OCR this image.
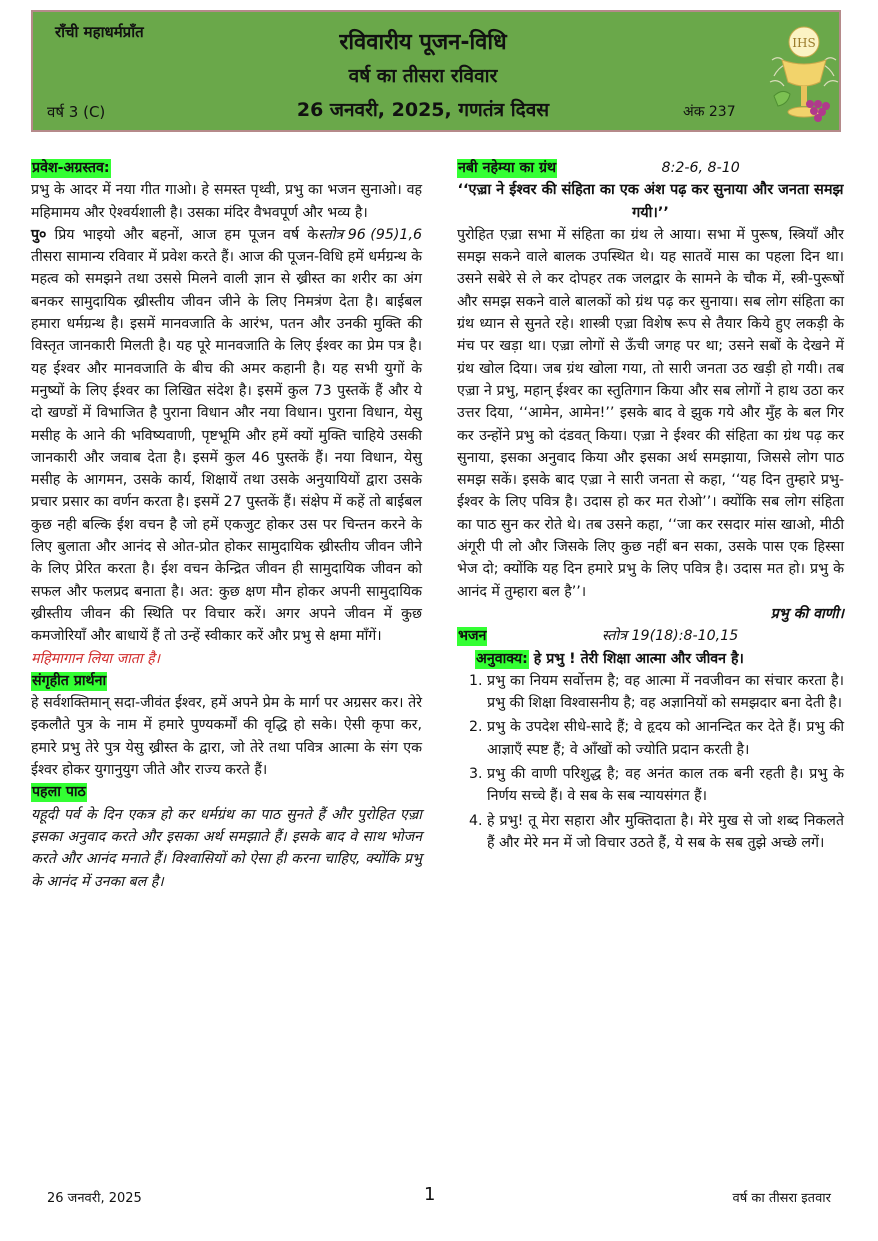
राँची महाधर्मप्राँत	रविवारीय पूजन-विधि
वर्ष का तीसरा रविवार
26 जनवरी, 2025, गणतंत्र दिवस
वर्ष 3 (C)	अंक 237
IHS
प्रवेश-अग्रस्तव:

प्रभु के आदर में नया गीत गाओ। हे समस्त पृथ्वी, प्रभु का भजन सुनाओ। वह महिमामय और ऐश्वर्यशाली है। उसका मंदिर वैभवपूर्ण और भव्य है।
स्तोत्र 96 (95)1,6

पु० प्रिय भाइयो और बहनों, आज हम पूजन वर्ष के तीसरा सामान्य रविवार में प्रवेश करते हैं। आज की पूजन-विधि हमें धर्मग्रन्थ के महत्व को समझने तथा उससे मिलने वाली ज्ञान से ख्रीस्त का शरीर का अंग बनकर सामुदायिक ख्रीस्तीय जीवन जीने के लिए निमत्रंण देता है। बाईबल हमारा धर्मग्रन्थ है। इसमें मानवजाति के आरंभ, पतन और उनकी मुक्ति की विस्तृत जानकारी मिलती है। यह पूरे मानवजाति के लिए ईश्वर का प्रेम पत्र है। यह ईश्वर और मानवजाति के बीच की अमर कहानी है। यह सभी युगों के मनुष्यों के लिए ईश्वर का लिखित संदेश है। इसमें कुल 73 पुस्तकें हैं और ये दो खण्डों में विभाजित है पुराना विधान और नया विधान। पुराना विधान, येसु मसीह के आने की भविष्यवाणी, पृष्टभूमि और हमें क्यों मुक्ति चाहिये उसकी जानकारी और जवाब देता है। इसमें कुल 46 पुस्तकें हैं। नया विधान, येसु मसीह के आगमन, उसके कार्य, शिक्षायें तथा उसके अनुयायियों द्वारा उसके प्रचार प्रसार का वर्णन करता है। इसमें 27 पुस्तकें हैं। संक्षेप में कहें तो बाईबल कुछ नही बल्कि ईश वचन है जो हमें एकजुट होकर उस पर चिन्तन करने के लिए बुलाता और आनंद से ओत-प्रोत होकर सामुदायिक ख्रीस्तीय जीवन जीने के लिए प्रेरित करता है। ईश वचन केन्द्रित जीवन ही सामुदायिक जीवन को सफल और फलप्रद बनाता है। अत: कुछ क्षण मौन होकर अपनी सामुदायिक ख्रीस्तीय जीवन की स्थिति पर विचार करें। अगर अपने जीवन में कुछ कमजोरियाँ और बाधायें हैं तो उन्हें स्वीकार करें और प्रभु से क्षमा माँगें।

महिमागान लिया जाता है।
संगृहीत प्रार्थना

हे सर्वशक्तिमान् सदा-जीवंत ईश्वर, हमें अपने प्रेम के मार्ग पर अग्रसर कर। तेरे इकलौते पुत्र के नाम में हमारे पुण्यकर्मों की वृद्धि हो सके। ऐसी कृपा कर, हमारे प्रभु तेरे पुत्र येसु ख्रीस्त के द्वारा, जो तेरे तथा पवित्र आत्मा के संग एक ईश्वर होकर युगानुयुग जीते और राज्य करते हैं।

पहला पाठ

यहूदी पर्व के दिन एकत्र हो कर धर्मग्रंथ का पाठ सुनते हैं और पुरोहित एज़्रा इसका अनुवाद करते और इसका अर्थ समझाते हैं। इसके बाद वे साथ भोजन करते और आनंद मनाते हैं। विश्वासियों को ऐसा ही करना चाहिए, क्योंकि प्रभु के आनंद में उनका बल है।

नबी नहेम्या का ग्रंथ	8:2-6, 8-10
‘‘एज़्रा ने ईश्वर की संहिता का एक अंश पढ़ कर सुनाया और जनता समझ गयी।’’

पुरोहित एज़्रा सभा में संहिता का ग्रंथ ले आया। सभा में पुरूष, स्त्रियाँ और समझ सकने वाले बालक उपस्थित थे। यह सातवें मास का पहला दिन था। उसने सबेरे से ले कर दोपहर तक जलद्वार के सामने के चौक में, स्त्री-पुरूषों और समझ सकने वाले बालकों को ग्रंथ पढ़ कर सुनाया। सब लोग संहिता का ग्रंथ ध्यान से सुनते रहे। शास्त्री एज़्रा विशेष रूप से तैयार किये हुए लकड़ी के मंच पर खड़ा था। एज़्रा लोगों से ऊँची जगह पर था; उसने सबों के देखने में ग्रंथ खोल दिया। जब ग्रंथ खोला गया, तो सारी जनता उठ खड़ी हो गयी। तब एज़्रा ने प्रभु, महान् ईश्वर का स्तुतिगान किया और सब लोगों ने हाथ उठा कर उत्तर दिया, ‘‘आमेन, आमेन!’’ इसके बाद वे झुक गये और मुँह के बल गिर कर उन्होंने प्रभु को दंडवत् किया। एज़्रा ने ईश्वर की संहिता का ग्रंथ पढ़ कर सुनाया, इसका अनुवाद किया और इसका अर्थ समझाया, जिससे लोग पाठ समझ सकें। इसके बाद एज़्रा ने सारी जनता से कहा, ‘‘यह दिन तुम्हारे प्रभु-ईश्वर के लिए पवित्र है। उदास हो कर मत रोओ’’। क्योंकि सब लोग संहिता का पाठ सुन कर रोते थे। तब उसने कहा, ‘‘जा कर रसदार मांस खाओ, मीठी अंगूरी पी लो और जिसके लिए कुछ नहीं बन सका, उसके पास एक हिस्सा भेज दो; क्योंकि यह दिन हमारे प्रभु के लिए पवित्र है। उदास मत हो। प्रभु के आनंद में तुम्हारा बल है’’।

प्रभु की वाणी।
भजन	स्तोत्र 19(18):8-10,15
अनुवाक्य: हे प्रभु ! तेरी शिक्षा आत्मा और जीवन है।
1. प्रभु का नियम सर्वोत्तम है; वह आत्मा में नवजीवन का संचार करता है। प्रभु की शिक्षा विश्वासनीय है; वह अज्ञानियों को समझदार बना देती है।
2. प्रभु के उपदेश सीधे-सादे हैं; वे हृदय को आनन्दित कर देते हैं। प्रभु की आज्ञाएँ स्पष्ट हैं; वे आँखों को ज्योति प्रदान करती है।
3. प्रभु की वाणी परिशुद्ध है; वह अनंत काल तक बनी रहती है। प्रभु के निर्णय सच्चे हैं। वे सब के सब न्यायसंगत हैं।
4. हे प्रभु! तू मेरा सहारा और मुक्तिदाता है। मेरे मुख से जो शब्द निकलते हैं और मेरे मन में जो विचार उठते हैं, ये सब के सब तुझे अच्छे लगें।
26 जनवरी, 2025	1	वर्ष का तीसरा इतवार
